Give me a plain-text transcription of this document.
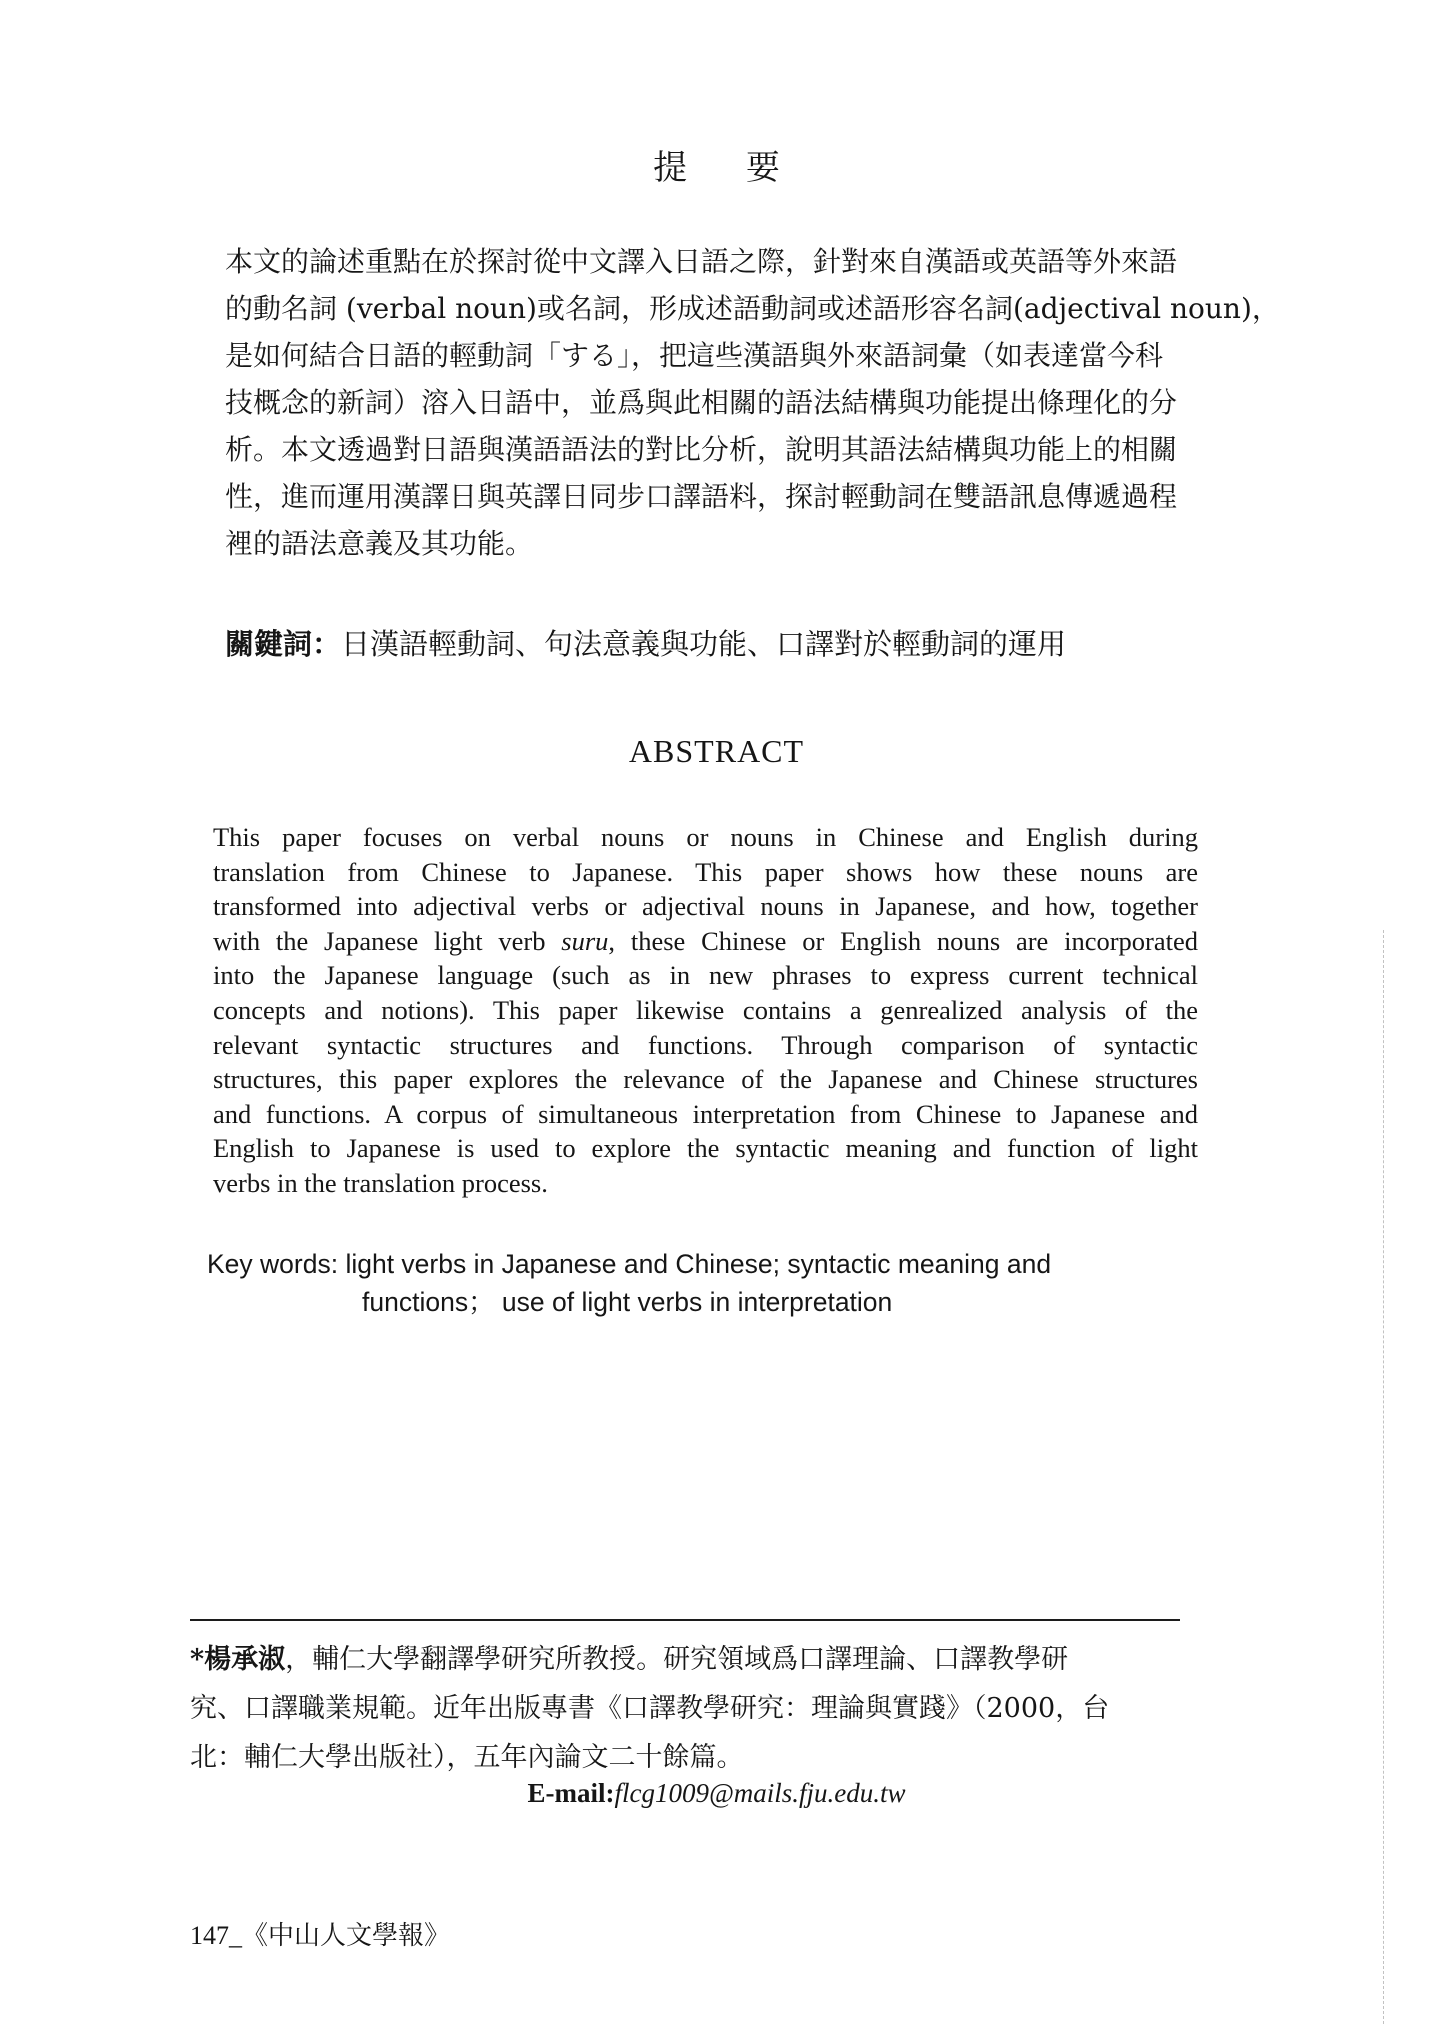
提 要
本文的論述重點在於探討從中文譯入日語之際，針對來自漢語或英語等外來語
的動名詞 (verbal noun)或名詞，形成述語動詞或述語形容名詞(adjectival noun)，
是如何結合日語的輕動詞「する」，把這些漢語與外來語詞彙（如表達當今科
技概念的新詞）溶入日語中，並爲與此相關的語法結構與功能提出條理化的分
析。本文透過對日語與漢語語法的對比分析，說明其語法結構與功能上的相關
性，進而運用漢譯日與英譯日同步口譯語料，探討輕動詞在雙語訊息傳遞過程
裡的語法意義及其功能。
關鍵詞：日漢語輕動詞、句法意義與功能、口譯對於輕動詞的運用
ABSTRACT
This paper focuses on verbal nouns or nouns in Chinese and English during
translation from Chinese to Japanese. This paper shows how these nouns are
transformed into adjectival verbs or adjectival nouns in Japanese, and how, together
with the Japanese light verb suru, these Chinese or English nouns are incorporated
into the Japanese language (such as in new phrases to express current technical
concepts and notions). This paper likewise contains a genrealized analysis of the
relevant syntactic structures and functions. Through comparison of syntactic
structures, this paper explores the relevance of the Japanese and Chinese structures
and functions. A corpus of simultaneous interpretation from Chinese to Japanese and
English to Japanese is used to explore the syntactic meaning and function of light
verbs in the translation process.
Key words: light verbs in Japanese and Chinese; syntactic meaning and
functions； use of light verbs in interpretation
*楊承淑，輔仁大學翻譯學研究所教授。研究領域爲口譯理論、口譯教學研
究、口譯職業規範。近年出版專書《口譯教學研究：理論與實踐》（2000，台
北：輔仁大學出版社），五年內論文二十餘篇。
E-mail:flcg1009@mails.fju.edu.tw
147_《中山人文學報》
